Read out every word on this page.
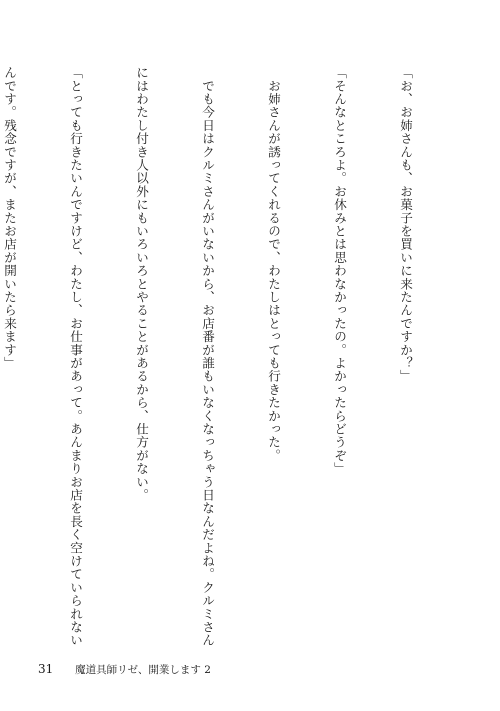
「お、お姉さんも、お菓子を買いに来たんですか？」

「そんなところよ。お休みとは思わなかったの。よかったらどうぞ」

　お姉さんが誘ってくれるので、わたしはとっても行きたかった。

　でも今日はクルミさんがいないから、お店番が誰もいなくなっちゃう日なんだよね。クルミさん

にはわたし付き人以外にもいろいろとやることがあるから、仕方がない。

「とっても行きたいんですけど、わたし、お仕事があって。あんまりお店を長く空けていられない

んです。残念ですが、またお店が開いたら来ます」

31 魔道具師リゼ、開業します 2
